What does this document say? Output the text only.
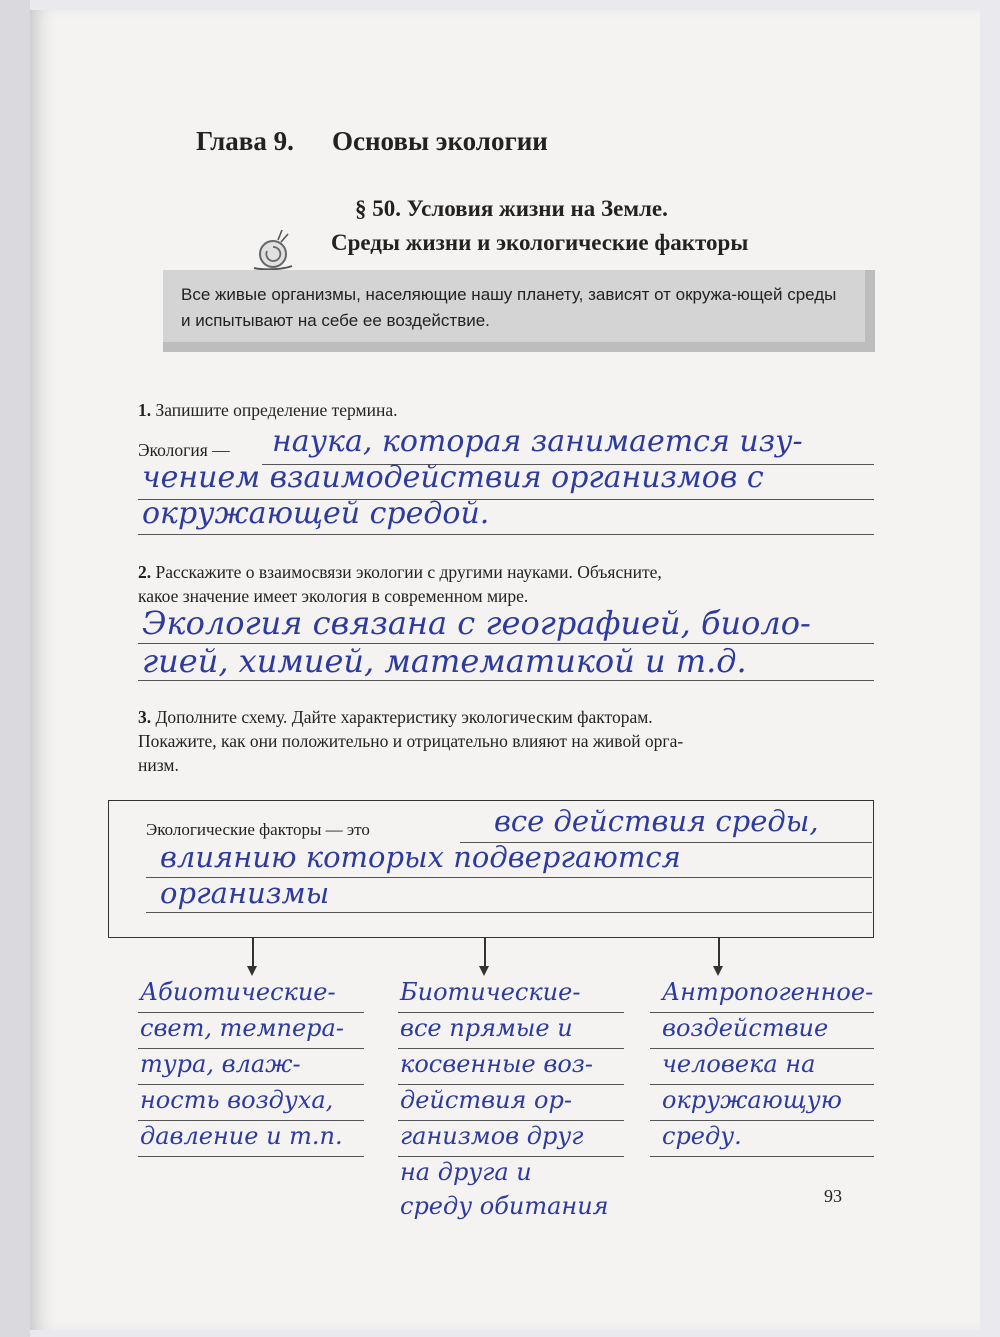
Глава 9. Основы экологии
§ 50. Условия жизни на Земле.
Среды жизни и экологические факторы
Все живые организмы, населяющие нашу планету, зависят от окружа-ющей среды и испытывают на себе ее воздействие.
1. Запишите определение термина.
Экология — наука, которая занимается изу-
чением взаимодействия организмов с
окружающей средой.
2. Расскажите о взаимосвязи экологии с другими науками. Объясните,
какое значение имеет экология в современном мире.
Экология связана с географией, биоло-
гией, химией, математикой и т.д.
3. Дополните схему. Дайте характеристику экологическим факторам.
Покажите, как они положительно и отрицательно влияют на живой орга-
низм.
Экологические факторы — это	все действия среды,
влиянию которых подвергаются
организмы
Абиотические-
свет, темпера-
тура, влаж-
ность воздуха,
давление и т.п.
Биотические-
все прямые и
косвенные воз-
действия ор-
ганизмов друг
на друга и
среду обитания
Антропогенное-
воздействие
человека на
окружающую
среду.
93
